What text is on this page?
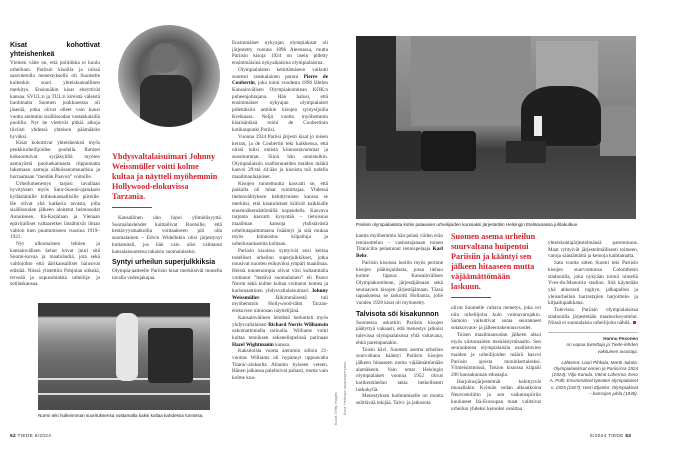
Kisat kohottivat yhteishenkeä

Yleinen väite on, että politiikka ei kuulu urheiluun. Pariisin kisoilla ja niissä saavutetulla menestyksellä oli Suomelle kuitenkin suuri yhteiskunnallinen merkitys. Ensinnäkin kisat eheyttivät kansaa. SVUL:n ja TUL:n kireistä väleistä huolimatta Suomen joukkueessa oli jäseniä, jotka olivat olleet vain kuusi vuotta aiemmin sisällissodan vastakkaisilla puolilla. Nyt he viettivät pitkiä aikoja tiiviisti yhdessä yhteisen päämäärän hyväksi.

Kisat kohottivat yhteishenkeä myös penkkiurheilijoiden puolella. Ihmiset kokoontuivat syrjäkylillä myöten aamuyöstä puoluekannasta riippumatta lukemaan samoja sähkösanomauutisia ja hurraamaan ”meidän Paavon” voitoille.

Urheilumenestys tarjosi tavallaan hyvityksen myös Suur-Suomi-ajatuksen kyllästämille kiihkokansallisille piireille. He olivat yhä katkeria tavasta, jolla sisällissodan jälkeen aloitetut heimosodat Aunukseen, Itä-Karjalaan ja Vienaan epäviralliset valtaaretket lässähtivät ilman valtion tuen puuttumiseen vuosina 1919–1921.

Nyt ulkomaisten lehtien ja kansainvälisen kehut loivat juuri sitä Suomi-kuvaa ja maabrändiä, jota sekä valtiojohto että äärikansalliset halusivat edistää. Niissä ylistettiin Pohjolan sitkeää, terveää ja sopusuhtaista urheilija- ja sotilaskansaa.

Yhdysvaltalaisuimari Johnny Weissmüller voitti kolme kultaa ja näytteli myöhemmin Hollywood-elokuvissa Tarzania.

Kansallinen uho hipoi ylimielisyyttä. Suomalaislehdet kuittailivat Ruotsille, että kestävyysmatkoilla voittaakseen piti olla suomalainen – Edvin Widellekin olisi järjestynyt kultamitali, jos hän vain olisi vaihtanut kansalaisuutensa takaisin suomalaiseksi.

Syntyi urheilun superjulkkiksia

Olympia-aatteelle Pariisin kisat merkitsivät monella tavalla vedenjakajaa.

Ensimmäiset nykyajan olympiakisat oli järjestetty vuonna 1896 Ateenassa, mutta Pariisin kisoja 1924 on usein pidetty ensimmäisinä nykyaikaisina olympialaisina.

Olympialaisten kehittämiseen vaikutti suuresti ranskalainen paroni Pierre de Coubertin, joka toimi vuodesta 1896 lähtien Kansainvälisen Olympiakomitean KOK:n puheenjohtajana. Hän halusi, että ensimmäiset nykyajan olympialaiset pidettäisiin antiikin kisojen syntysijoilla Kreikassa. Neljä vuotta myöhemmin kisaisäntänä toimi de Coubertinin kotikaupunki Pariisi.

Vuonna 1924 Pariisi järjesti kisat jo toisen kerran, ja de Coubertin teki kaikkensa, että niistä tulisi entistä kiinnostavammat ja suositummat. Siinä hän onnistuikin. Olympialaisiin osallistuneiden maiden määrä kasvoi 29:stä 44:ään ja kisoista tuli todella maailmanlaajuiset.

Kisojen tunnettuutta kasvatti se, että paikalla oli tuhat toimittajaa. Yhdessä tiedonvälityksen kehittymisen kanssa se merkitsi, että kisatulokset kiitivät kaikkialle ennennäkemättömällä nopeudella. Kasvava tarjonta kasvatti kysyntää – tietoisuus maailman kansoja yhdistävästä urheilutapahtumasta lisääntyi ja sitä mukaa myös kiinnostus kilpailuja ja urheilusankareita kohtaan.

Pariisin kisoissa syntyivät ensi kertaa todelliset urheilun superjulkkikset, jotka nousivat nuorten esikuviksi ympäri maailmaa. Heistä tunnetuimpia olivat viisi kultamitalia voittanut ”lentävä suomalainen” eli Paavo Nurmi sekä kolme kultaa voittanut komea ja karismaattinen yhdysvaltalaisuimari Johnny Weissmüller. Jälkimmäisestä tuli myöhemmin Hollywood-tähti Tarzan-elokuvien nimiosan näyttelijänä.

Kansainvälinen lehdistö herkutteli myös yhdysvaltalaisen Richard Norris Williamsin uskomattomalla tarinalla. Williams voitti kultaa tenniksen sekanelinpelissä parinaan Hazel Wightmanin kanssa.

Kaksitoista vuotta aiemmin silloin 21-vuotias Williams oli hypännyt uppoavalta Titanic-alukselta Atlantin hyiseen veteen. Hänen jalkansa paleltuivat pahasti, mutta vain kolme kuu-

Nurmi teki hulkeimman suorituksensa voittamalla kaksi kultaa kahdessa tunnissa.	Kuvat: Getty Images
52 TIEDE 6/2024
Pariisin olympialaisista kotiin palaavien urheilijoiden kunniaksi järjestettiin Helsingin Eteläranassa juhlakulkue.
Kuva: Helsingin kaupunginmuseo

kautta myöhemmin hän pelasi viiden erän tennisottelun – vastustajanaan toinen Titanicilta pelastunut tennispelaaja Karl Behr.

Pariisin kisoissa luotiin myös perinne kisojen päätösjuhlasta, jossa liehuu kolme lippua: Kansainvälisen Olympiakomitean, järjestäjämaan sekä seuraavien kisojen järjestäjämaan. Tässä tapauksessa se tarkoitti Hollantia, jolle vuoden 1928 kisat oli myönnetty.

Talvisota söi kisakunnon

Suomessa uskottiin Pariisin kisojen päätyttyä vakaasti, että menestys jatkuisi tulevissa olympialaisissa yhtä valtavana, ehkä parempanakin.

Toisin kävi. Suomen asema urheilun suurvaltana kääntyi Pariisin kisojen jälkeen hitaaseen mutta väjäämättömään alamäkeen. Vain omat Helsingin olympialaiset vuonna 1952 olivat kotikenttäedun takia hetkellisesti laskukyliä.

Menestyksen kuihtumiselle on monta selittävää tekijää. Talvi- ja jatkosota

Suomen asema urheilun suurvaltana huipentui Pariisiin ja kääntyi sen jälkeen hitaaseen mutta väjäämättömään laskuun.

olivat Suomelle valtava menetys, joka vei niin urheilijoita kuin voimavarojakin. Samoin vaikuttivat sotaa seuranneet sotakorvaus- ja jälleenrakennusvuodet.

Toisen maailmansodan jälkeen alkoi myös siirtomaiden itsenäistymisaalto. Sen seurauksena olympialaisiin osallistuvien maiden ja urheilijoiden määrä kasvoi Pariisin ajoista moninkertaiseksi. Viimeisimmissä, Tokion kisoissa kilpaili 206 kansakunnan edustajia.

Harjoitusjärjestelmät kehittyivät muuallakin. Kylmän sodan alkuaikoina Neuvostoliitto ja sen vaikutuspiiriin kuuluneet Itä-Euroopan maat valitsivat urheilun yhdeksi keinoksi osoittaa

yhteiskuntajärjestelmänsä paremmuus. Maat ryhtyivät järjestelmällisesti toimeen, varoja säästämättä ja keinoja kaihtamatta.

Sata vuotta sitten Suomi teki Pariisin kisojen suurvoittonsa Colombesin stadionilla, joka nykyään toimii nimellä Yves-du-Manoirin stadion. Sitä käytetään yhä ahkerasti rugbyn, jalkapallon ja yleisurheilun harrastajien harjoittelu- ja kilpailupaikkana.

Tulevissa Pariisin olympialaisissa stadionilla järjestetään maahockeyottelut. Niissä ei suomalaisia urheilijoita nähdä.

Hannu Pesonen
on vapaa toimittaja ja Tiede-lehden vakituinen avustaja.
Lähteinä: Lauri Pihkala, Martti Jukola: Olympialaiskisat ennen ja Pariisissa 1924 (1924); Viljo Kanula, Väinö Laherma, Eero A. Pulli: Ensimmäiset työväen olympialaiset v. 1925 (1927); Harri Eljanko: Olympiakisat – kansojen juhla (1936).
6/2024 TIEDE 53
